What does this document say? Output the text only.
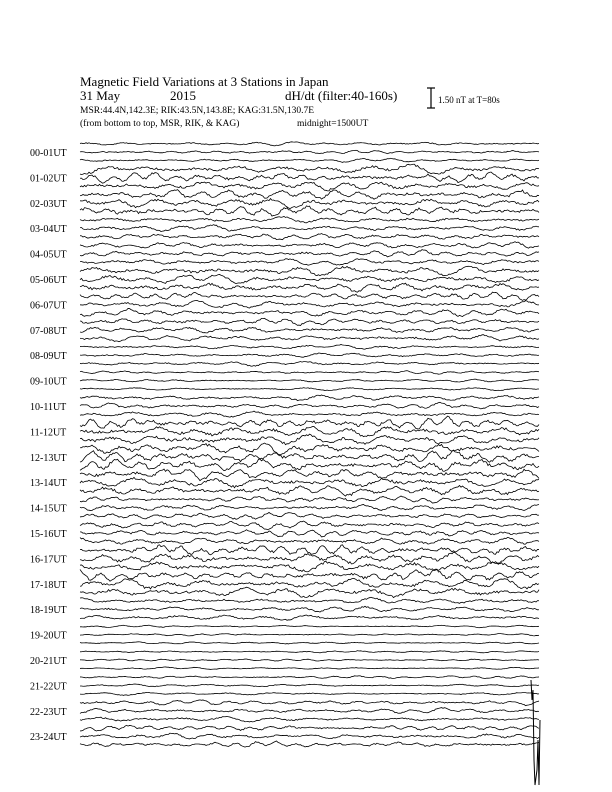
Magnetic Field Variations at 3 Stations in Japan
31 May	2015	dH/dt (filter:40-160s)
MSR:44.4N,142.3E; RIK:43.5N,143.8E; KAG:31.5N,130.7E
(from bottom to top, MSR, RIK, & KAG)	midnight=1500UT
1.50 nT at T=80s
00-01UT
01-02UT
02-03UT
03-04UT
04-05UT
05-06UT
06-07UT
07-08UT
08-09UT
09-10UT
10-11UT
11-12UT
12-13UT
13-14UT
14-15UT
15-16UT
16-17UT
17-18UT
18-19UT
19-20UT
20-21UT
21-22UT
22-23UT
23-24UT
